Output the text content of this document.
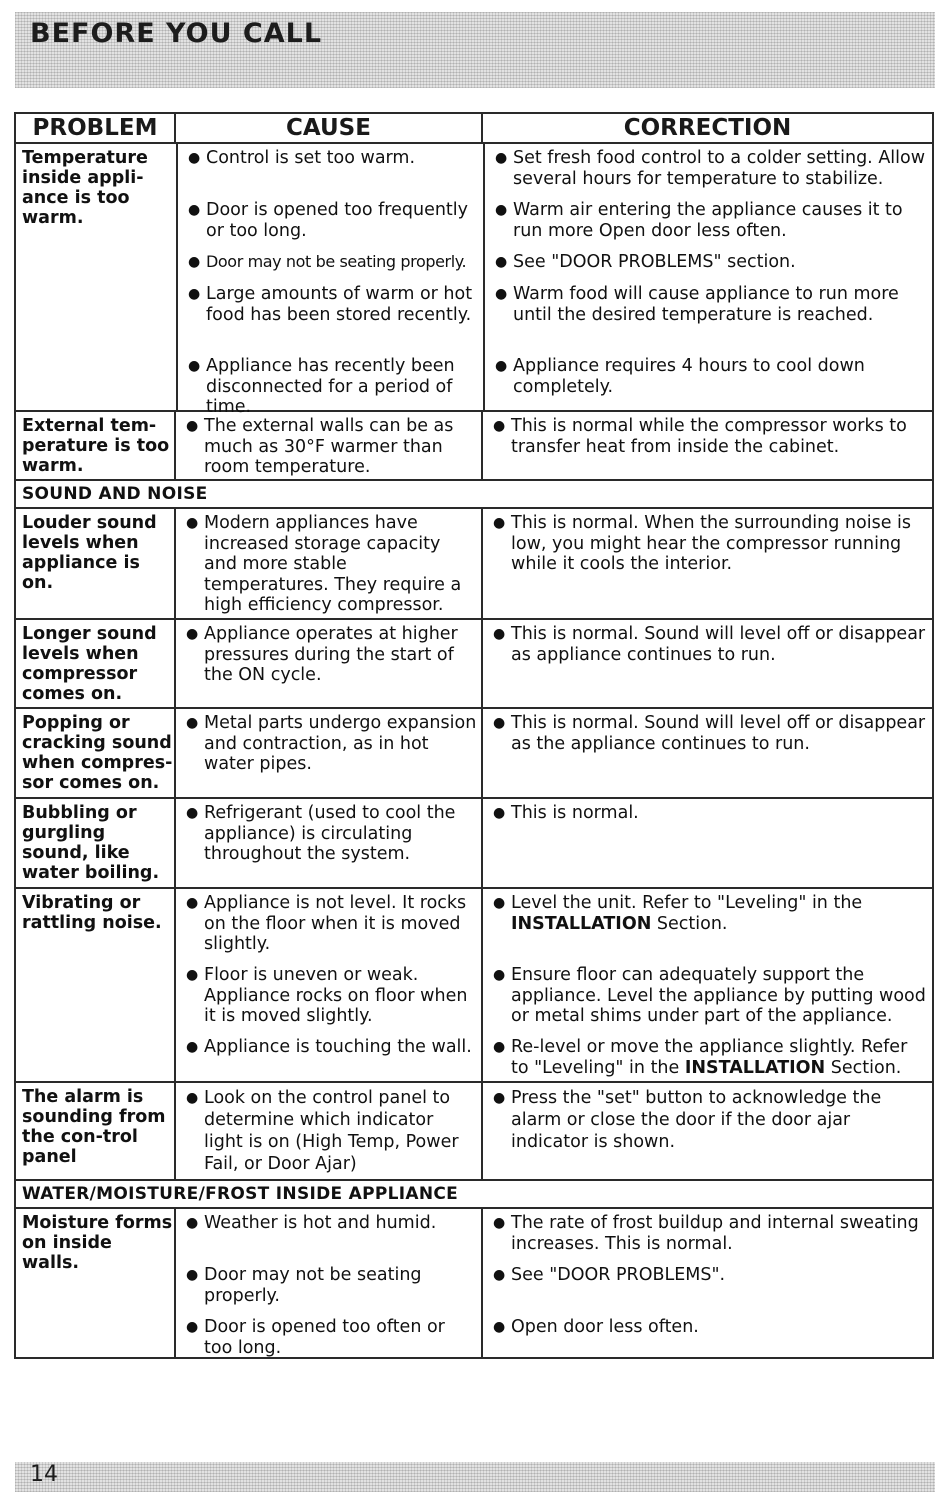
BEFORE YOU CALL
PROBLEM	CAUSE	CORRECTION
Temperature inside appli-ance is too warm.
● Control is set too warm.
● Door is opened too frequently or too long.
● Door may not be seating properly.
● Large amounts of warm or hot food has been stored recently.
● Appliance has recently been disconnected for a period of time.
● Set fresh food control to a colder setting. Allow several hours for temperature to stabilize.
● Warm air entering the appliance causes it to run more Open door less often.
● See "DOOR PROBLEMS" section.
● Warm food will cause appliance to run more until the desired temperature is reached.
● Appliance requires 4 hours to cool down completely.
External tem-perature is too warm.
● The external walls can be as much as 30°F warmer than room temperature.
● This is normal while the compressor works to transfer heat from inside the cabinet.
SOUND AND NOISE
Louder sound levels when appliance is on.
● Modern appliances have increased storage capacity and more stable temperatures. They require a high efficiency compressor.
● This is normal. When the surrounding noise is low, you might hear the compressor running while it cools the interior.
Longer sound levels when compressor comes on.
● Appliance operates at higher pressures during the start of the ON cycle.
● This is normal. Sound will level off or disappear as appliance continues to run.
Popping or cracking sound when compres-sor comes on.
● Metal parts undergo expansion and contraction, as in hot water pipes.
● This is normal. Sound will level off or disappear as the appliance continues to run.
Bubbling or gurgling sound, like water boiling.
● Refrigerant (used to cool the appliance) is circulating throughout the system.
● This is normal.
Vibrating or rattling noise.
● Appliance is not level. It rocks on the floor when it is moved slightly.
● Floor is uneven or weak. Appliance rocks on floor when it is moved slightly.
● Appliance is touching the wall.
● Level the unit. Refer to "Leveling" in the INSTALLATION Section.
● Ensure floor can adequately support the appliance. Level the appliance by putting wood or metal shims under part of the appliance.
● Re-level or move the appliance slightly. Refer to "Leveling" in the INSTALLATION Section.
The alarm is sounding from the con-trol panel
● Look on the control panel to determine which indicator light is on (High Temp, Power Fail, or Door Ajar)
● Press the "set" button to acknowledge the alarm or close the door if the door ajar indicator is shown.
WATER/MOISTURE/FROST INSIDE APPLIANCE
Moisture forms on inside walls.
● Weather is hot and humid.
● Door may not be seating properly.
● Door is opened too often or too long.
● The rate of frost buildup and internal sweating increases. This is normal.
● See "DOOR PROBLEMS".
● Open door less often.
14
